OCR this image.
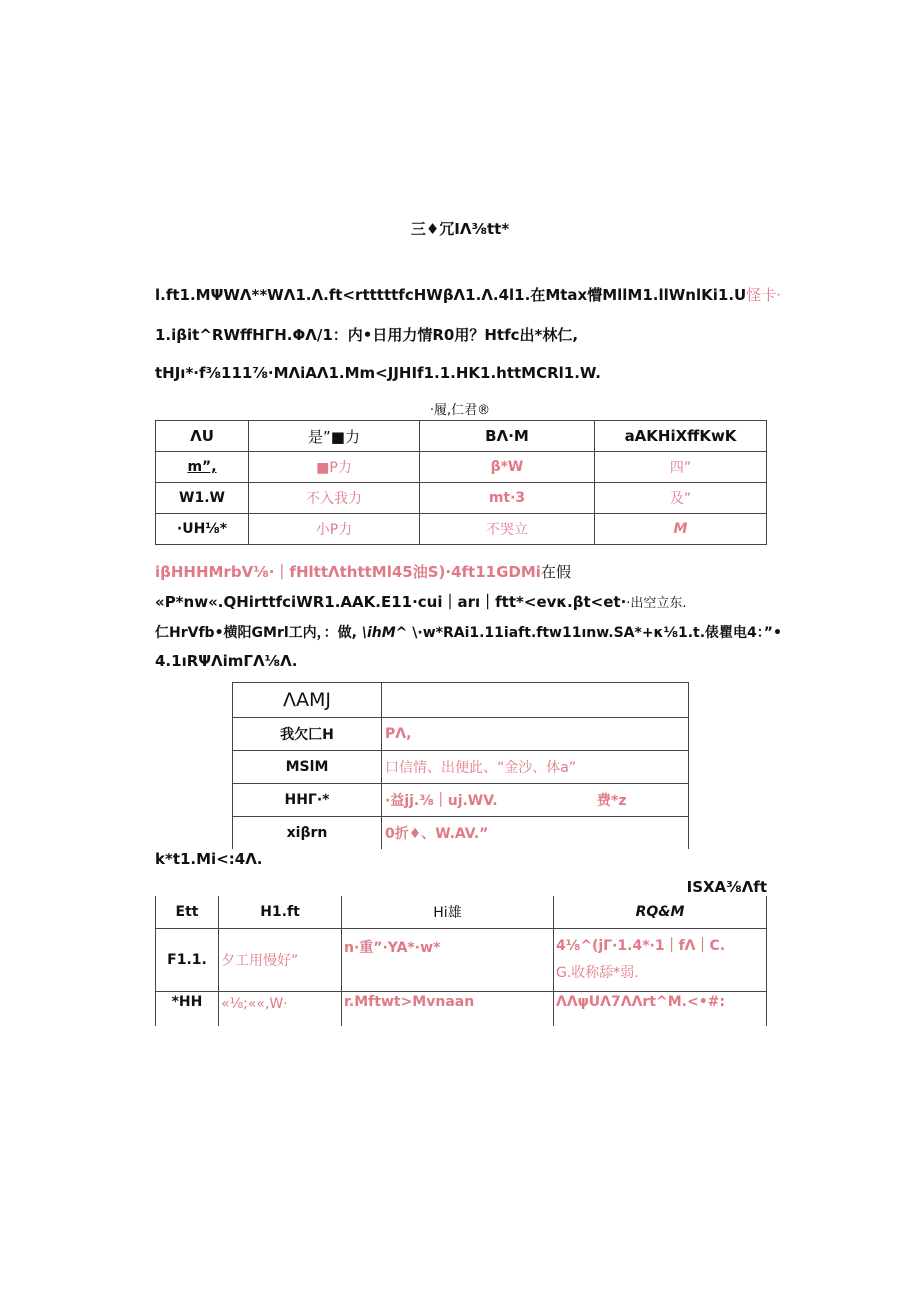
三♦冗IΛ⅜tt*
l.ft1.MΨWΛ**WΛ1.Λ.ft<rtttttfcHWβΛ1.Λ.4l1.在Mtax懵MllM1.llWnlKi1.U怪卡·
1.iβit^RWffHΓH.ΦΛ/1：内•日用力情R0用？Htfc出*林仁,
tHJı*·f⅜111⅞·MΛiAΛ1.Mm<JJHIf1.1.HK1.httMCRl1.W.
·履,仁君®
ΛU	是”■力	BΛ·M	aAKHiXffKwK
m”,	■P力	β*W	四”
W1.W	不入我力	mt·3	及”
·UH⅛*	小P力	不哭立	M
iβHHHMrbV⅛·｜fHlttΛthttMl45油S)·4ft11GDMi在假
«P*nw«.QHirttfciWR1.AAK.E11·cui｜arı｜ftt*<evκ.βt<et··出空立东.
仁HrVfb•横阳GMrl工内，：做, \ihM^ \·w*RAi1.11iaft.ftw11ınw.SA*+κ⅛1.t.俵瞿电4：”•
4.1ıRΨΛimΓΛ⅛Λ.
ΛAMJ	
我欠匚H	PΛ,
MSlM	口信情、出便此、“金沙、体a”
HHΓ·*	·益jj.⅜｜uj.WV. 费*z

xiβrn	0折♦、W.AV.”
k*t1.Mi<:4Λ.
ISXA⅜Λft
Ett	H1.ft	Hi雄	RQ&M
F1.1.	夕工用慢好”	n·重”·YA*·w*	4⅛^(jΓ·1.4*·1｜fΛ｜C.
G.收称舔*弱.

*HH	«⅛;««,W·	r.Mftwt>Mvnaan	ΛΛψUΛ7ΛΛrt^M.<•#:
